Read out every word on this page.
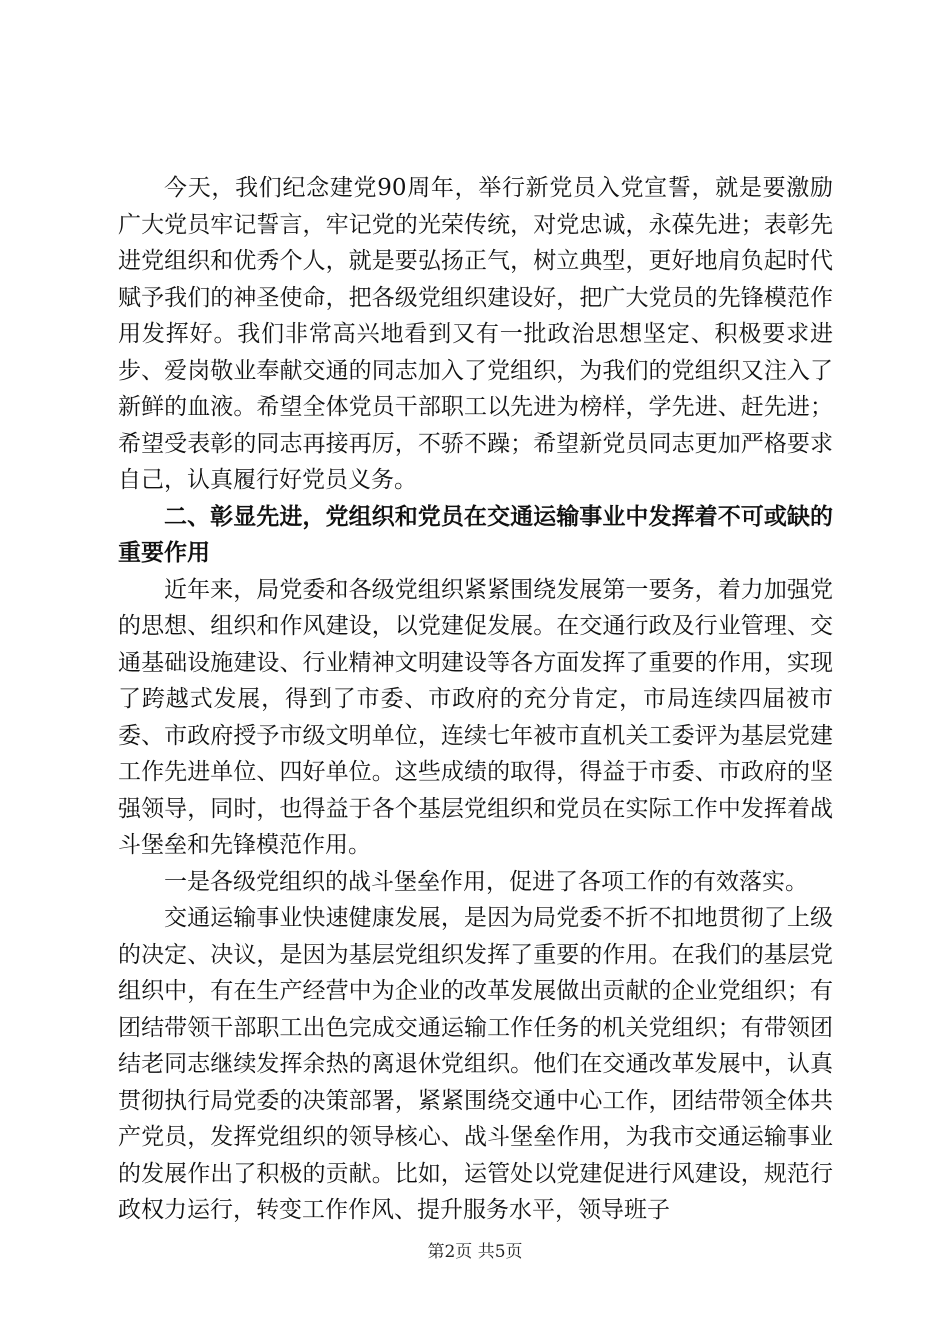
今天，我们纪念建党90周年，举行新党员入党宣誓，就是要激励广大党员牢记誓言，牢记党的光荣传统，对党忠诚，永葆先进；表彰先进党组织和优秀个人，就是要弘扬正气，树立典型，更好地肩负起时代赋予我们的神圣使命，把各级党组织建设好，把广大党员的先锋模范作用发挥好。我们非常高兴地看到又有一批政治思想坚定、积极要求进步、爱岗敬业奉献交通的同志加入了党组织，为我们的党组织又注入了新鲜的血液。希望全体党员干部职工以先进为榜样，学先进、赶先进；希望受表彰的同志再接再厉，不骄不躁；希望新党员同志更加严格要求自己，认真履行好党员义务。

二、彰显先进，党组织和党员在交通运输事业中发挥着不可或缺的重要作用

近年来，局党委和各级党组织紧紧围绕发展第一要务，着力加强党的思想、组织和作风建设，以党建促发展。在交通行政及行业管理、交通基础设施建设、行业精神文明建设等各方面发挥了重要的作用，实现了跨越式发展，得到了市委、市政府的充分肯定，市局连续四届被市委、市政府授予市级文明单位，连续七年被市直机关工委评为基层党建工作先进单位、四好单位。这些成绩的取得，得益于市委、市政府的坚强领导，同时，也得益于各个基层党组织和党员在实际工作中发挥着战斗堡垒和先锋模范作用。

一是各级党组织的战斗堡垒作用，促进了各项工作的有效落实。

交通运输事业快速健康发展，是因为局党委不折不扣地贯彻了上级的决定、决议，是因为基层党组织发挥了重要的作用。在我们的基层党组织中，有在生产经营中为企业的改革发展做出贡献的企业党组织；有团结带领干部职工出色完成交通运输工作任务的机关党组织；有带领团结老同志继续发挥余热的离退休党组织。他们在交通改革发展中，认真贯彻执行局党委的决策部署，紧紧围绕交通中心工作，团结带领全体共产党员，发挥党组织的领导核心、战斗堡垒作用，为我市交通运输事业的发展作出了积极的贡献。比如，运管处以党建促进行风建设，规范行政权力运行，转变工作作风、提升服务水平，领导班子

第2页 共5页
